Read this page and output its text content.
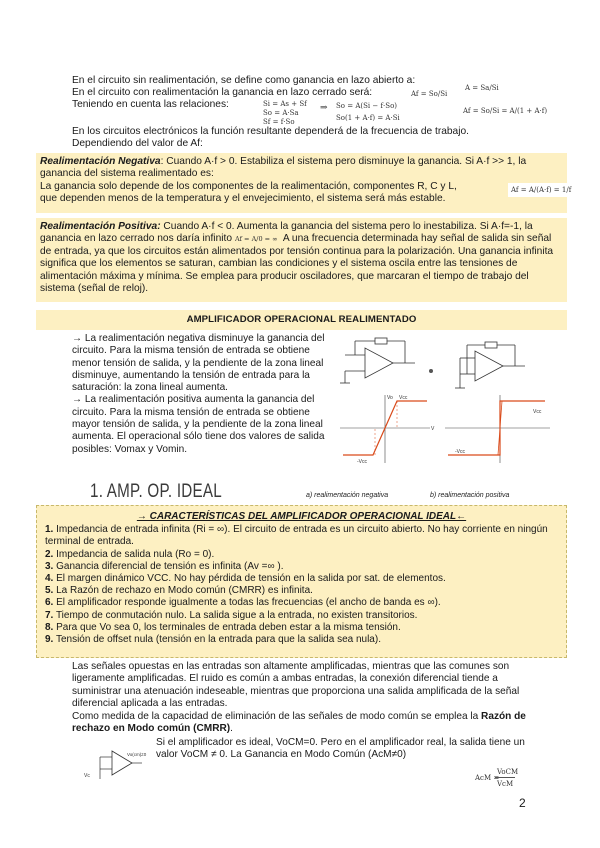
En el circuito sin realimentación, se define como ganancia en lazo abierto a:

En el circuito con realimentación la ganancia en lazo cerrado será:

Teniendo en cuenta las relaciones:

En los circuitos electrónicos la función resultante dependerá de la frecuencia de trabajo.

Dependiendo del valor de Af:

Af = So/Si
A = Sa/Si
Si = As + Sf
So = A·Sa
Sf = f·So
⇒ So = A(Si − f·So)
So(1 + A·f) = A·Si
Af = So/Si = A/(1 + A·f)

Realimentación Negativa: Cuando A·f > 0. Estabiliza el sistema pero disminuye la ganancia. Si A·f >> 1, la ganancia del sistema realimentado es:

La ganancia solo depende de los componentes de la realimentación, componentes R, C y L, que dependen menos de la temperatura y el envejecimiento, el sistema será más estable.

Af = A/(A·f) = 1/f

Realimentación Positiva: Cuando A·f < 0. Aumenta la ganancia del sistema pero lo inestabiliza. Si A·f=-1, la ganancia en lazo cerrado nos daría infinito Af = A/0 = ∞ A una frecuencia determinada hay señal de salida sin señal de entrada, ya que los circuitos están alimentados por tensión continua para la polarización. Una ganancia infinita significa que los elementos se saturan, cambian las condiciones y el sistema oscila entre las tensiones de alimentación máxima y mínima. Se emplea para producir osciladores, que marcaran el tiempo de trabajo del sistema (señal de reloj).

AMPLIFICADOR OPERACIONAL REALIMENTADO

→ La realimentación negativa disminuye la ganancia del circuito. Para la misma tensión de entrada se obtiene menor tensión de salida, y la pendiente de la zona lineal disminuye, aumentando la tensión de entrada para la saturación: la zona lineal aumenta.

→ La realimentación positiva aumenta la ganancia del circuito. Para la misma tensión de entrada se obtiene mayor tensión de salida, y la pendiente de la zona lineal aumenta. El operacional sólo tiene dos valores de salida posibles: Vomax y Vomin.

Vcc
-Vcc
V
Vo
Vcc
-Vcc
1. AMP. OP. IDEAL	a) realimentación negativa	b) realimentación positiva
→ CARACTERÍSTICAS DEL AMPLIFICADOR OPERACIONAL IDEAL←
1. Impedancia de entrada infinita (Ri = ∞). El circuito de entrada es un circuito abierto. No hay corriente en ningún terminal de entrada.
2. Impedancia de salida nula (Ro = 0).
3. Ganancia diferencial de tensión es infinita (Av =∞ ).
4. El margen dinámico VCC. No hay pérdida de tensión en la salida por sat. de elementos.
5. La Razón de rechazo en Modo común (CMRR) es infinita.
6. El amplificador responde igualmente a todas las frecuencias (el ancho de banda es ∞).
7. Tiempo de conmutación nulo. La salida sigue a la entrada, no existen transitorios.
8. Para que Vo sea 0, los terminales de entrada deben estar a la misma tensión.
9. Tensión de offset nula (tensión en la entrada para que la salida sea nula).

Las señales opuestas en las entradas son altamente amplificadas, mientras que las comunes son ligeramente amplificadas. El ruido es común a ambas entradas, la conexión diferencial tiende a suministrar una atenuación indeseable, mientras que proporciona una salida amplificada de la señal diferencial aplicada a las entradas.

Como medida de la capacidad de eliminación de las señales de modo común se emplea la Razón de rechazo en Modo común (CMRR).

Si el amplificador es ideal, VoCM=0. Pero en el amplificador real, la salida tiene un valor VoCM ≠ 0. La Ganancia en Modo Común (AcM≠0)
Vc
Vo(cm)≠0
AcM =
VoCM
VcM
2
